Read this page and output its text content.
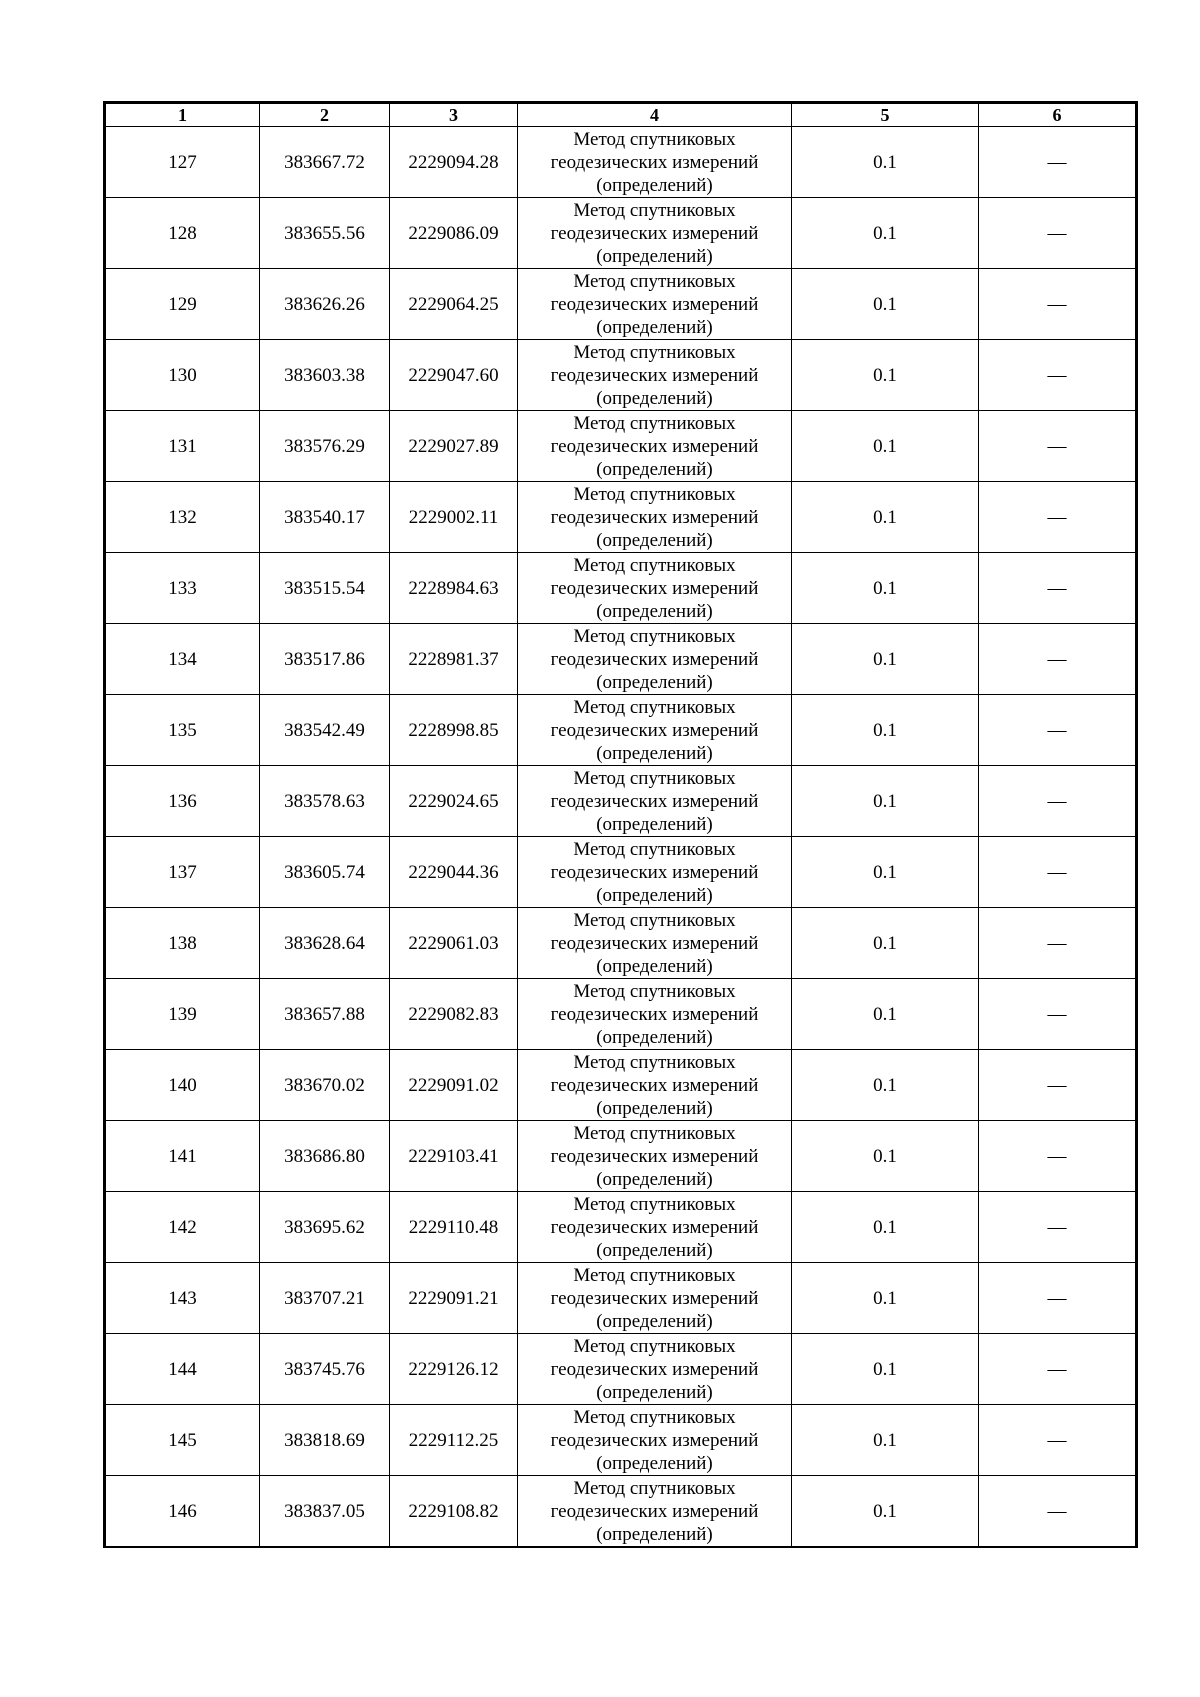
1	2	3	4	5	6
127	383667.72	2229094.28	Метод спутниковых
геодезических измерений
(определений)	0.1	—
128	383655.56	2229086.09	Метод спутниковых
геодезических измерений
(определений)	0.1	—
129	383626.26	2229064.25	Метод спутниковых
геодезических измерений
(определений)	0.1	—
130	383603.38	2229047.60	Метод спутниковых
геодезических измерений
(определений)	0.1	—
131	383576.29	2229027.89	Метод спутниковых
геодезических измерений
(определений)	0.1	—
132	383540.17	2229002.11	Метод спутниковых
геодезических измерений
(определений)	0.1	—
133	383515.54	2228984.63	Метод спутниковых
геодезических измерений
(определений)	0.1	—
134	383517.86	2228981.37	Метод спутниковых
геодезических измерений
(определений)	0.1	—
135	383542.49	2228998.85	Метод спутниковых
геодезических измерений
(определений)	0.1	—
136	383578.63	2229024.65	Метод спутниковых
геодезических измерений
(определений)	0.1	—
137	383605.74	2229044.36	Метод спутниковых
геодезических измерений
(определений)	0.1	—
138	383628.64	2229061.03	Метод спутниковых
геодезических измерений
(определений)	0.1	—
139	383657.88	2229082.83	Метод спутниковых
геодезических измерений
(определений)	0.1	—
140	383670.02	2229091.02	Метод спутниковых
геодезических измерений
(определений)	0.1	—
141	383686.80	2229103.41	Метод спутниковых
геодезических измерений
(определений)	0.1	—
142	383695.62	2229110.48	Метод спутниковых
геодезических измерений
(определений)	0.1	—
143	383707.21	2229091.21	Метод спутниковых
геодезических измерений
(определений)	0.1	—
144	383745.76	2229126.12	Метод спутниковых
геодезических измерений
(определений)	0.1	—
145	383818.69	2229112.25	Метод спутниковых
геодезических измерений
(определений)	0.1	—
146	383837.05	2229108.82	Метод спутниковых
геодезических измерений
(определений)	0.1	—
